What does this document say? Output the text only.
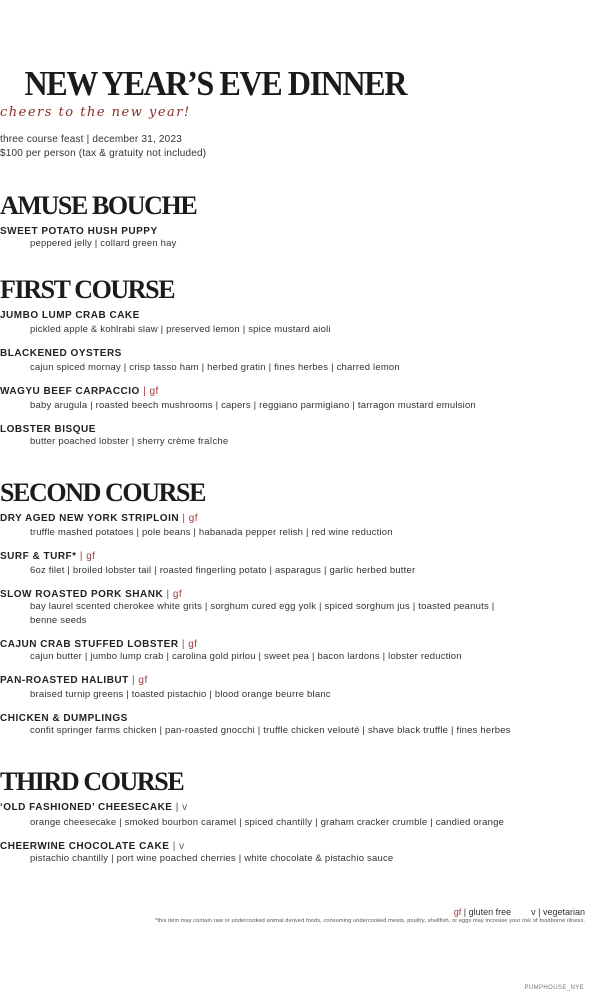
NEW YEAR’S EVE DINNER
cheers to the new year!
three course feast | december 31, 2023
$100 per person (tax & gratuity not included)
AMUSE BOUCHE
SWEET POTATO HUSH PUPPY
peppered jelly | collard green hay
FIRST COURSE
JUMBO LUMP CRAB CAKE
pickled apple & kohlrabi slaw | preserved lemon | spice mustard aioli
BLACKENED OYSTERS
cajun spiced mornay | crisp tasso ham | herbed gratin | fines herbes | charred lemon
WAGYU BEEF CARPACCIO | gf
baby arugula | roasted beech mushrooms | capers | reggiano parmigiano | tarragon mustard emulsion
LOBSTER BISQUE
butter poached lobster | sherry crème fraîche
SECOND COURSE
DRY AGED NEW YORK STRIPLOIN | gf
truffle mashed potatoes | pole beans | habanada pepper relish | red wine reduction
SURF & TURF* | gf
6oz filet | broiled lobster tail | roasted fingerling potato | asparagus | garlic herbed butter
SLOW ROASTED PORK SHANK | gf
bay laurel scented cherokee white grits | sorghum cured egg yolk | spiced sorghum jus | toasted peanuts |
benne seeds
CAJUN CRAB STUFFED LOBSTER | gf
cajun butter | jumbo lump crab | carolina gold pirlou | sweet pea | bacon lardons | lobster reduction
PAN-ROASTED HALIBUT | gf
braised turnip greens | toasted pistachio | blood orange beurre blanc
CHICKEN & DUMPLINGS
confit springer farms chicken | pan-roasted gnocchi | truffle chicken velouté | shave black truffle | fines herbes
THIRD COURSE
‘OLD FASHIONED’ CHEESECAKE | v
orange cheesecake | smoked bourbon caramel | spiced chantilly | graham cracker crumble | candied orange
CHEERWINE CHOCOLATE CAKE | v
pistachio chantilly | port wine poached cherries | white chocolate & pistachio sauce
gf | gluten free v | vegetarian
*this item may contain raw or undercooked animal derived foods, consuming undercooked meats, poultry, shellfish, or eggs may increase your risk of foodborne illness.
PUMPHOUSE_NYE
